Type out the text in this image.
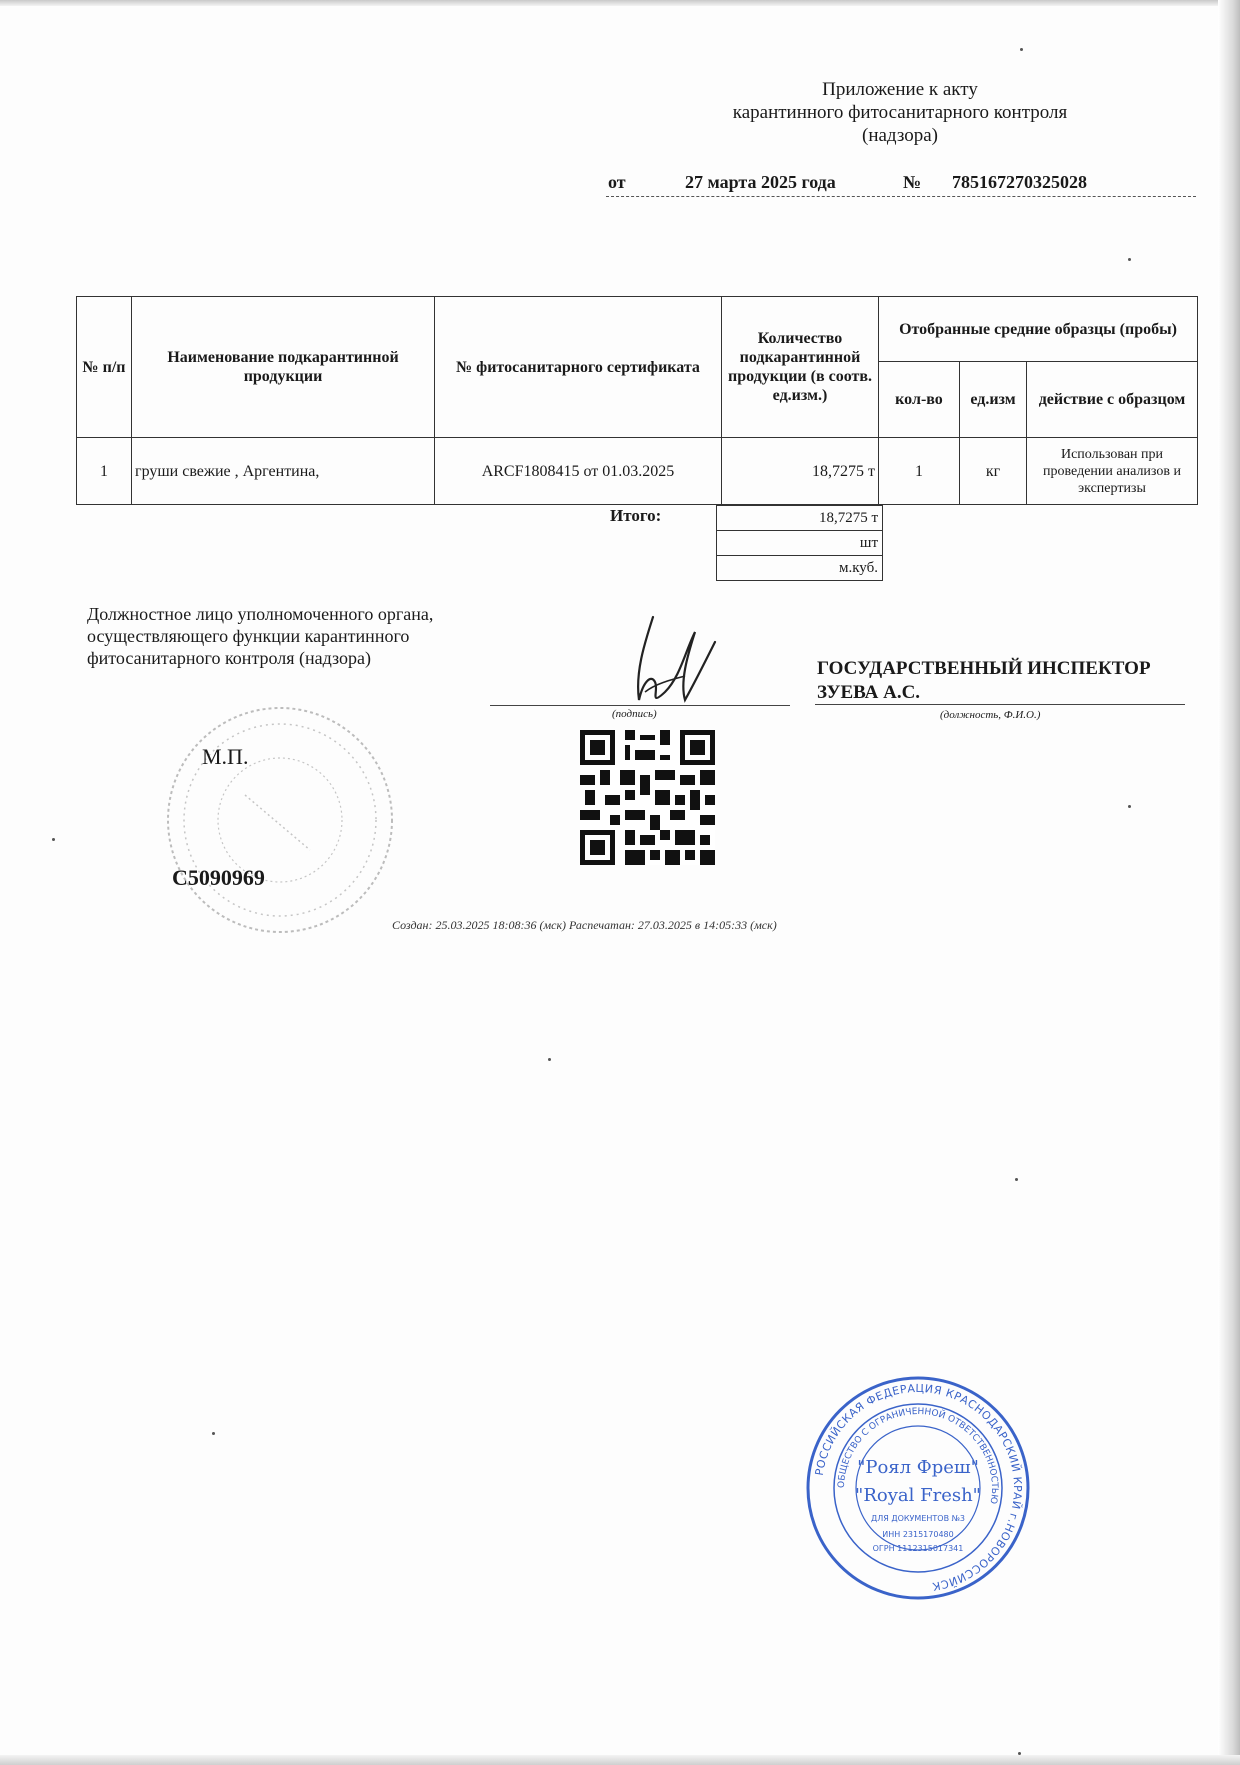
Приложение к акту
карантинного фитосанитарного контроля
(надзора)
от	27 марта 2025 года	№ 785167270325028
№ п/п	Наименование подкарантинной продукции	№ фитосанитарного сертификата	Количество подкарантинной продукции (в соотв. ед.изм.)	Отобранные средние образцы (пробы)		
				кол-во	ед.изм	действие с образцом
1	груши свежие , Аргентина,	ARCF1808415 от 01.03.2025	18,7275 т	1	кг	Использован при проведении анализов и экспертизы
Итого:	18,7275 т
шт
м.куб.
Должностное лицо уполномоченного органа, осуществляющего функции карантинного фитосанитарного контроля (надзора)
(подпись)
ГОСУДАРСТВЕННЫЙ ИНСПЕКТОР
ЗУЕВА А.С.
(должность, Ф.И.О.)
М.П.
С5090969
Создан: 25.03.2025 18:08:36 (мск) Распечатан: 27.03.2025 в 14:05:33 (мск)
РОССИЙСКАЯ ФЕДЕРАЦИЯ КРАСНОДАРСКИЙ КРАЙ г.НОВОРОССИЙСК
ОБЩЕСТВО С ОГРАНИЧЕННОЙ ОТВЕТСТВЕННОСТЬЮ
"Роял Фреш"
"Royal Fresh"
ДЛЯ ДОКУМЕНТОВ №3
ИНН 2315170480
ОГРН 1112315017341
